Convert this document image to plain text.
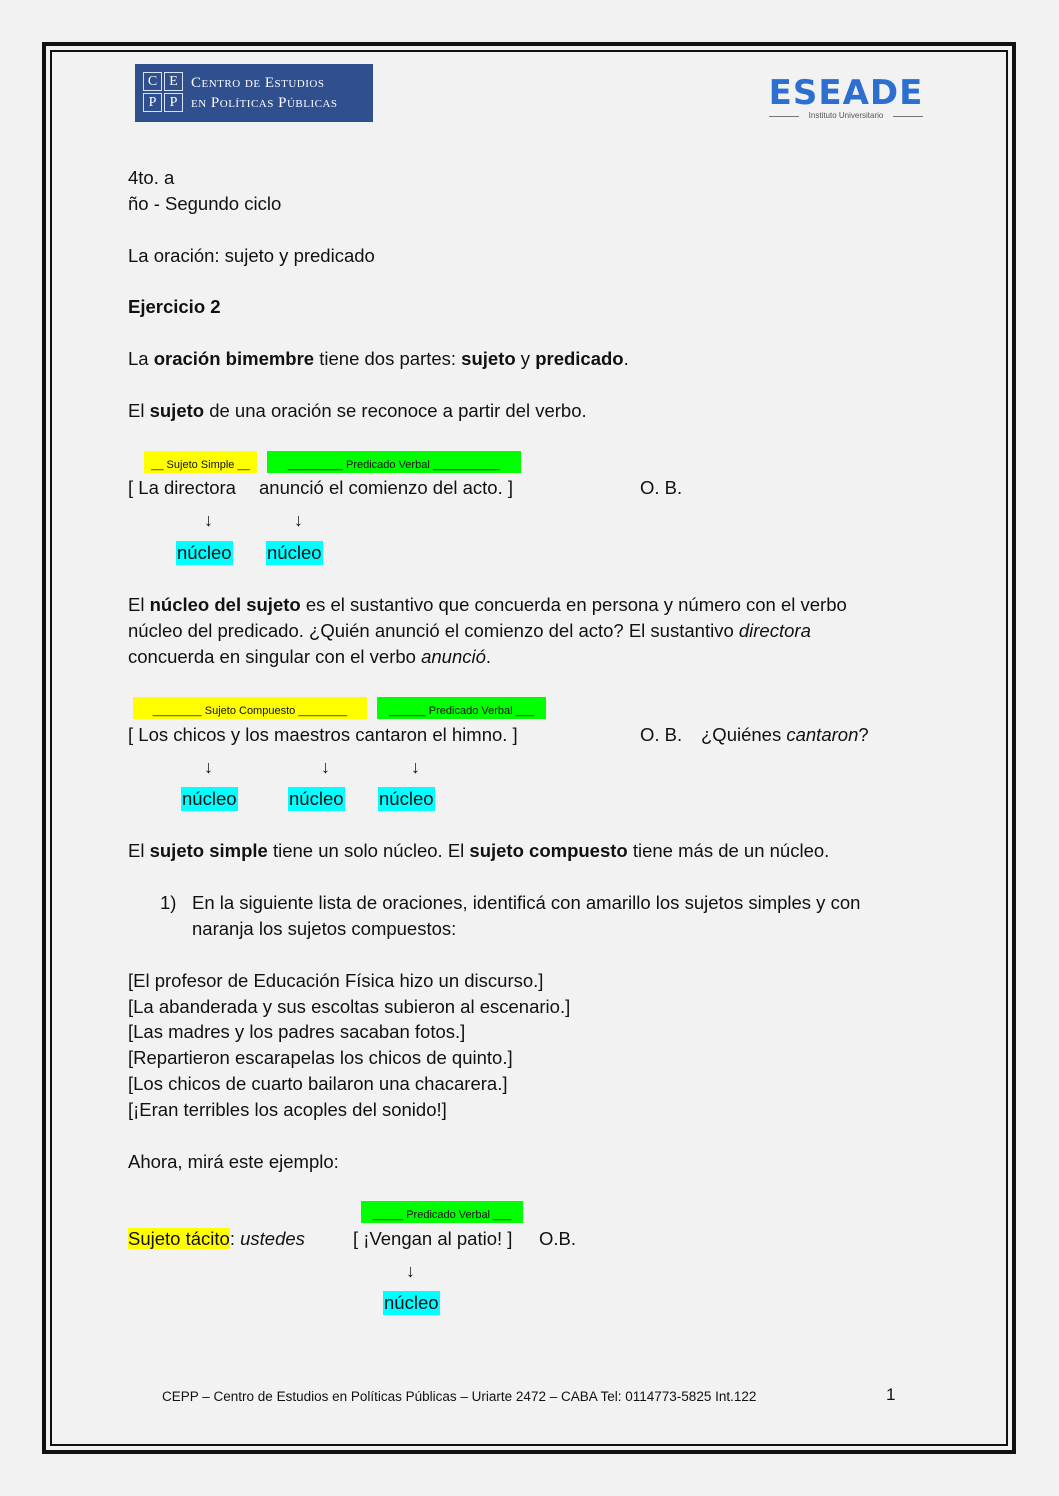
C E
P P
Centro de Estudios
en Políticas Públicas	ESEADE
Instituto Universitario
4to. a
ño - Segundo ciclo
La oración: sujeto y predicado
Ejercicio 2
La oración bimembre tiene dos partes: sujeto y predicado.
El sujeto de una oración se reconoce a partir del verbo.
__ Sujeto Simple __	_________ Predicado Verbal ___________
[ La directora anunció el comienzo del acto. ]	O. B.
↓	↓
núcleo núcleo
El núcleo del sujeto es el sustantivo que concuerda en persona y número con el verbo
núcleo del predicado. ¿Quién anunció el comienzo del acto? El sustantivo directora
concuerda en singular con el verbo anunció.
________ Sujeto Compuesto ________	______ Predicado Verbal ___
[ Los chicos y los maestros cantaron el himno. ]	O. B. ¿Quiénes cantaron?
↓	↓	↓
núcleo	núcleo núcleo
El sujeto simple tiene un solo núcleo. El sujeto compuesto tiene más de un núcleo.
1) En la siguiente lista de oraciones, identificá con amarillo los sujetos simples y con
naranja los sujetos compuestos:
[El profesor de Educación Física hizo un discurso.]
[La abanderada y sus escoltas subieron al escenario.]
[Las madres y los padres sacaban fotos.]
[Repartieron escarapelas los chicos de quinto.]
[Los chicos de cuarto bailaron una chacarera.]
[¡Eran terribles los acoples del sonido!]
Ahora, mirá este ejemplo:
_____ Predicado Verbal ___
Sujeto tácito: ustedes	[ ¡Vengan al patio! ] O.B.
↓
núcleo
CEPP – Centro de Estudios en Políticas Públicas – Uriarte 2472 – CABA Tel: 0114773-5825 Int.122	1
